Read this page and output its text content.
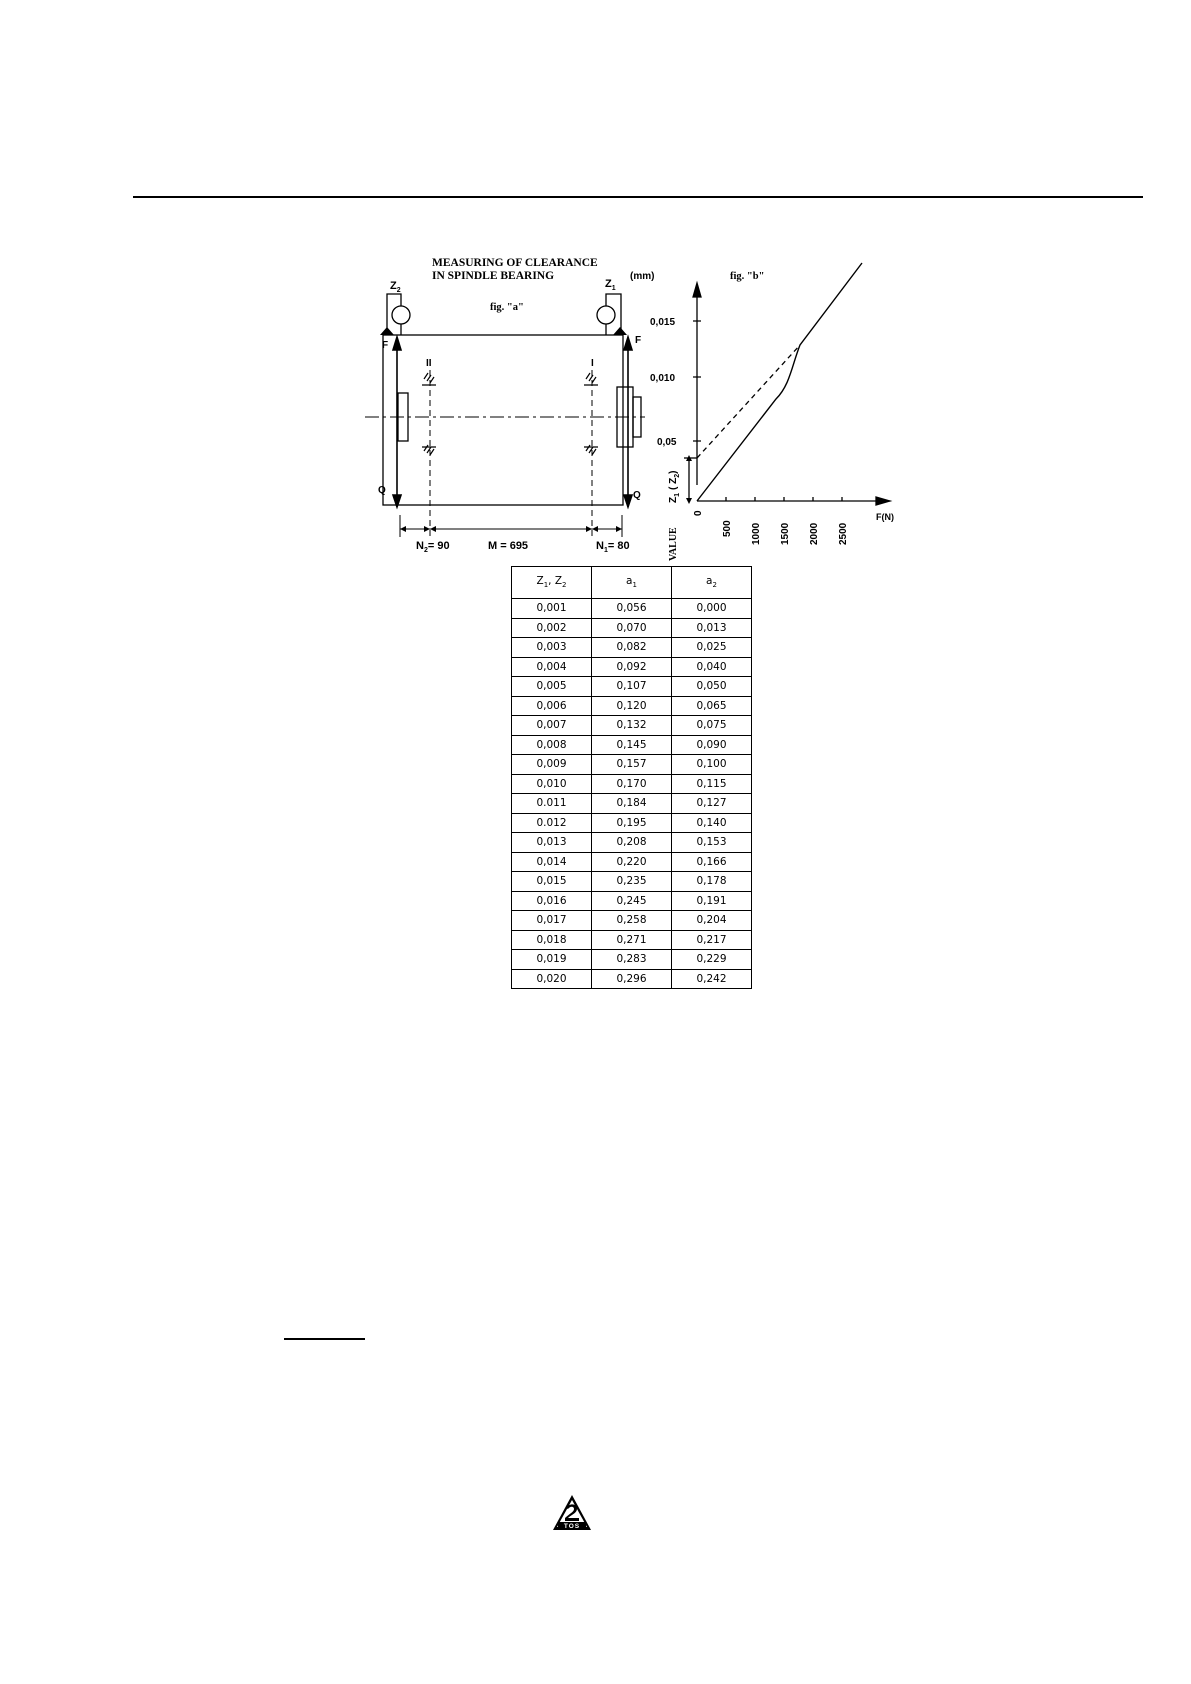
MEASURING OF CLEARANCE
IN SPINDLE BEARING
$Z_2$
$Z_1$
fig. "a"
F	F
Q	Q
II	I
$N_2= 90$	M = 695	$N_1= 80$
(mm)	fig. "b"
0,015
0,010
0,05
$Z_1$( $Z_2$)
VALUE
0
500 1000 1500 2000 2500
F(N)
$Z_1$, $Z_2$	$a_1$	$a_2$
0,001	0,056	0,000
0,002	0,070	0,013
0,003	0,082	0,025
0,004	0,092	0,040
0,005	0,107	0,050
0,006	0,120	0,065
0,007	0,132	0,075
0,008	0,145	0,090
0,009	0,157	0,100
0,010	0,170	0,115
0.011	0,184	0,127
0.012	0,195	0,140
0,013	0,208	0,153
0,014	0,220	0,166
0,015	0,235	0,178
0,016	0,245	0,191
0,017	0,258	0,204
0,018	0,271	0,217
0,019	0,283	0,229
0,020	0,296	0,242
TOS
